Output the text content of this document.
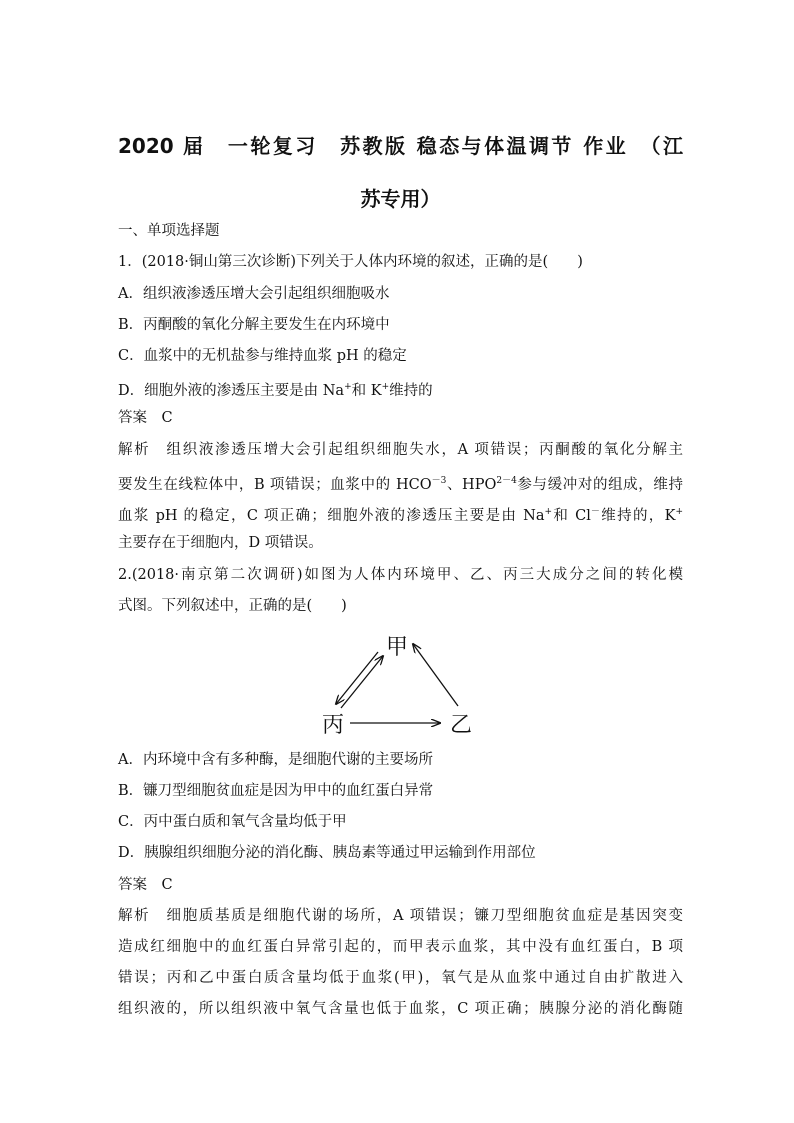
2020 届　一轮复习　苏教版 稳态与体温调节 作业　（江
苏专用）
一、单项选择题
1．(2018·铜山第三次诊断)下列关于人体内环境的叙述，正确的是(　　)
A．组织液渗透压增大会引起组织细胞吸水
B．丙酮酸的氧化分解主要发生在内环境中
C．血浆中的无机盐参与维持血浆 pH 的稳定
D．细胞外液的渗透压主要是由 Na+和 K+维持的
答案　C
解析　组织液渗透压增大会引起组织细胞失水，A 项错误；丙酮酸的氧化分解主
要发生在线粒体中，B 项错误；血浆中的 $HCO^{-3}$、$HPO^{2-4}$参与缓冲对的组成，维持
血浆 pH 的稳定，C 项正确；细胞外液的渗透压主要是由 Na+和 Cl－维持的，K+
主要存在于细胞内，D 项错误。
2.(2018·南京第二次调研)如图为人体内环境甲、乙、丙三大成分之间的转化模
式图。下列叙述中，正确的是(　　)
甲
丙	乙
A．内环境中含有多种酶，是细胞代谢的主要场所
B．镰刀型细胞贫血症是因为甲中的血红蛋白异常
C．丙中蛋白质和氧气含量均低于甲
D．胰腺组织细胞分泌的消化酶、胰岛素等通过甲运输到作用部位
答案　C
解析　细胞质基质是细胞代谢的场所，A 项错误；镰刀型细胞贫血症是基因突变
造成红细胞中的血红蛋白异常引起的，而甲表示血浆，其中没有血红蛋白，B 项
错误；丙和乙中蛋白质含量均低于血浆(甲)，氧气是从血浆中通过自由扩散进入
组织液的，所以组织液中氧气含量也低于血浆，C 项正确；胰腺分泌的消化酶随
